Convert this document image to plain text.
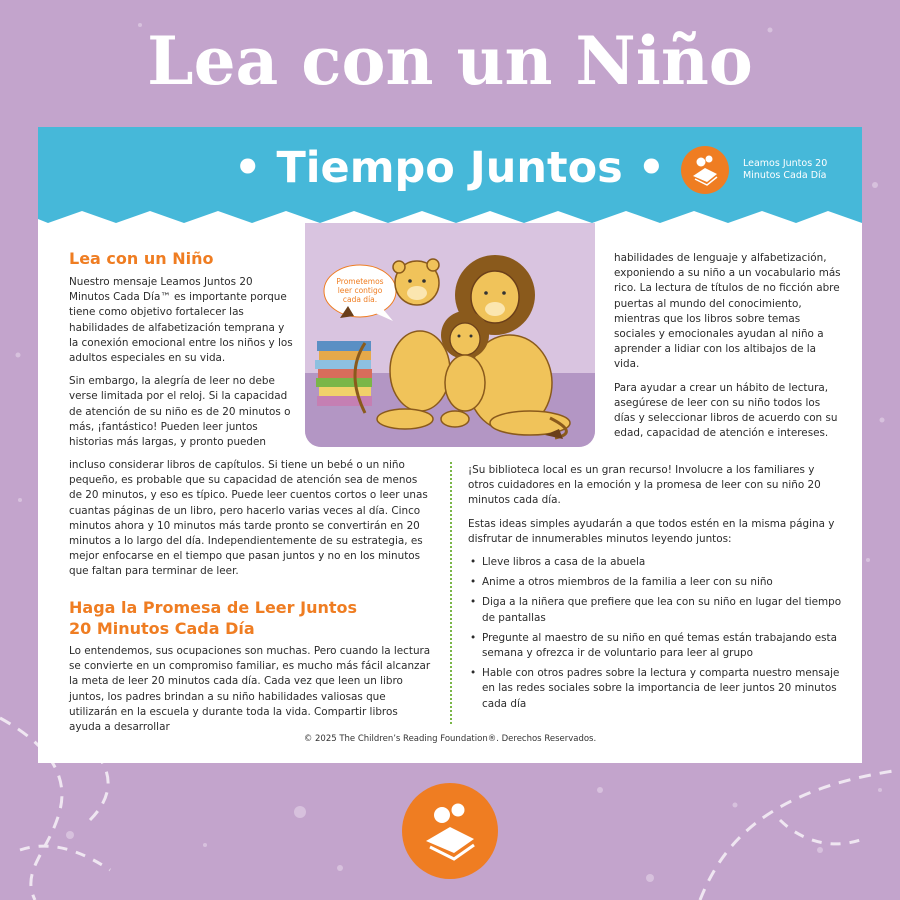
Lea con un Niño
• Tiempo Juntos •	Leamos Juntos 20 Minutos Cada Día
Lea con un Niño

Nuestro mensaje Leamos Juntos 20 Minutos Cada Día™ es importante porque tiene como objetivo fortalecer las habilidades de alfabetización temprana y la conexión emocional entre los niños y los adultos especiales en su vida.

Sin embargo, la alegría de leer no debe verse limitada por el reloj. Si la capacidad de atención de su niño es de 20 minutos o más, ¡fantástico! Pueden leer juntos historias más largas, y pronto pueden

Prometemos
leer contigo
cada día.

habilidades de lenguaje y alfabetización, exponiendo a su niño a un vocabulario más rico. La lectura de títulos de no ficción abre puertas al mundo del conocimiento, mientras que los libros sobre temas sociales y emocionales ayudan al niño a aprender a lidiar con los altibajos de la vida.

Para ayudar a crear un hábito de lectura, asegúrese de leer con su niño todos los días y seleccionar libros de acuerdo con su edad, capacidad de atención e intereses.

incluso considerar libros de capítulos. Si tiene un bebé o un niño pequeño, es probable que su capacidad de atención sea de menos de 20 minutos, y eso es típico. Puede leer cuentos cortos o leer unas cuantas páginas de un libro, pero hacerlo varias veces al día. Cinco minutos ahora y 10 minutos más tarde pronto se convertirán en 20 minutos a lo largo del día. Independientemente de su estrategia, es mejor enfocarse en el tiempo que pasan juntos y no en los minutos que faltan para terminar de leer.

Haga la Promesa de Leer Juntos
20 Minutos Cada Día

Lo entendemos, sus ocupaciones son muchas. Pero cuando la lectura se convierte en un compromiso familiar, es mucho más fácil alcanzar la meta de leer 20 minutos cada día. Cada vez que leen un libro juntos, los padres brindan a su niño habilidades valiosas que utilizarán en la escuela y durante toda la vida. Compartir libros ayuda a desarrollar

¡Su biblioteca local es un gran recurso! Involucre a los familiares y otros cuidadores en la emoción y la promesa de leer con su niño 20 minutos cada día.

Estas ideas simples ayudarán a que todos estén en la misma página y disfrutar de innumerables minutos leyendo juntos:

• Lleve libros a casa de la abuela
• Anime a otros miembros de la familia a leer con su niño
• Diga a la niñera que prefiere que lea con su niño en lugar del tiempo de pantallas
• Pregunte al maestro de su niño en qué temas están trabajando esta semana y ofrezca ir de voluntario para leer al grupo
• Hable con otros padres sobre la lectura y comparta nuestro mensaje en las redes sociales sobre la importancia de leer juntos 20 minutos cada día
© 2025 The Children’s Reading Foundation®. Derechos Reservados.
